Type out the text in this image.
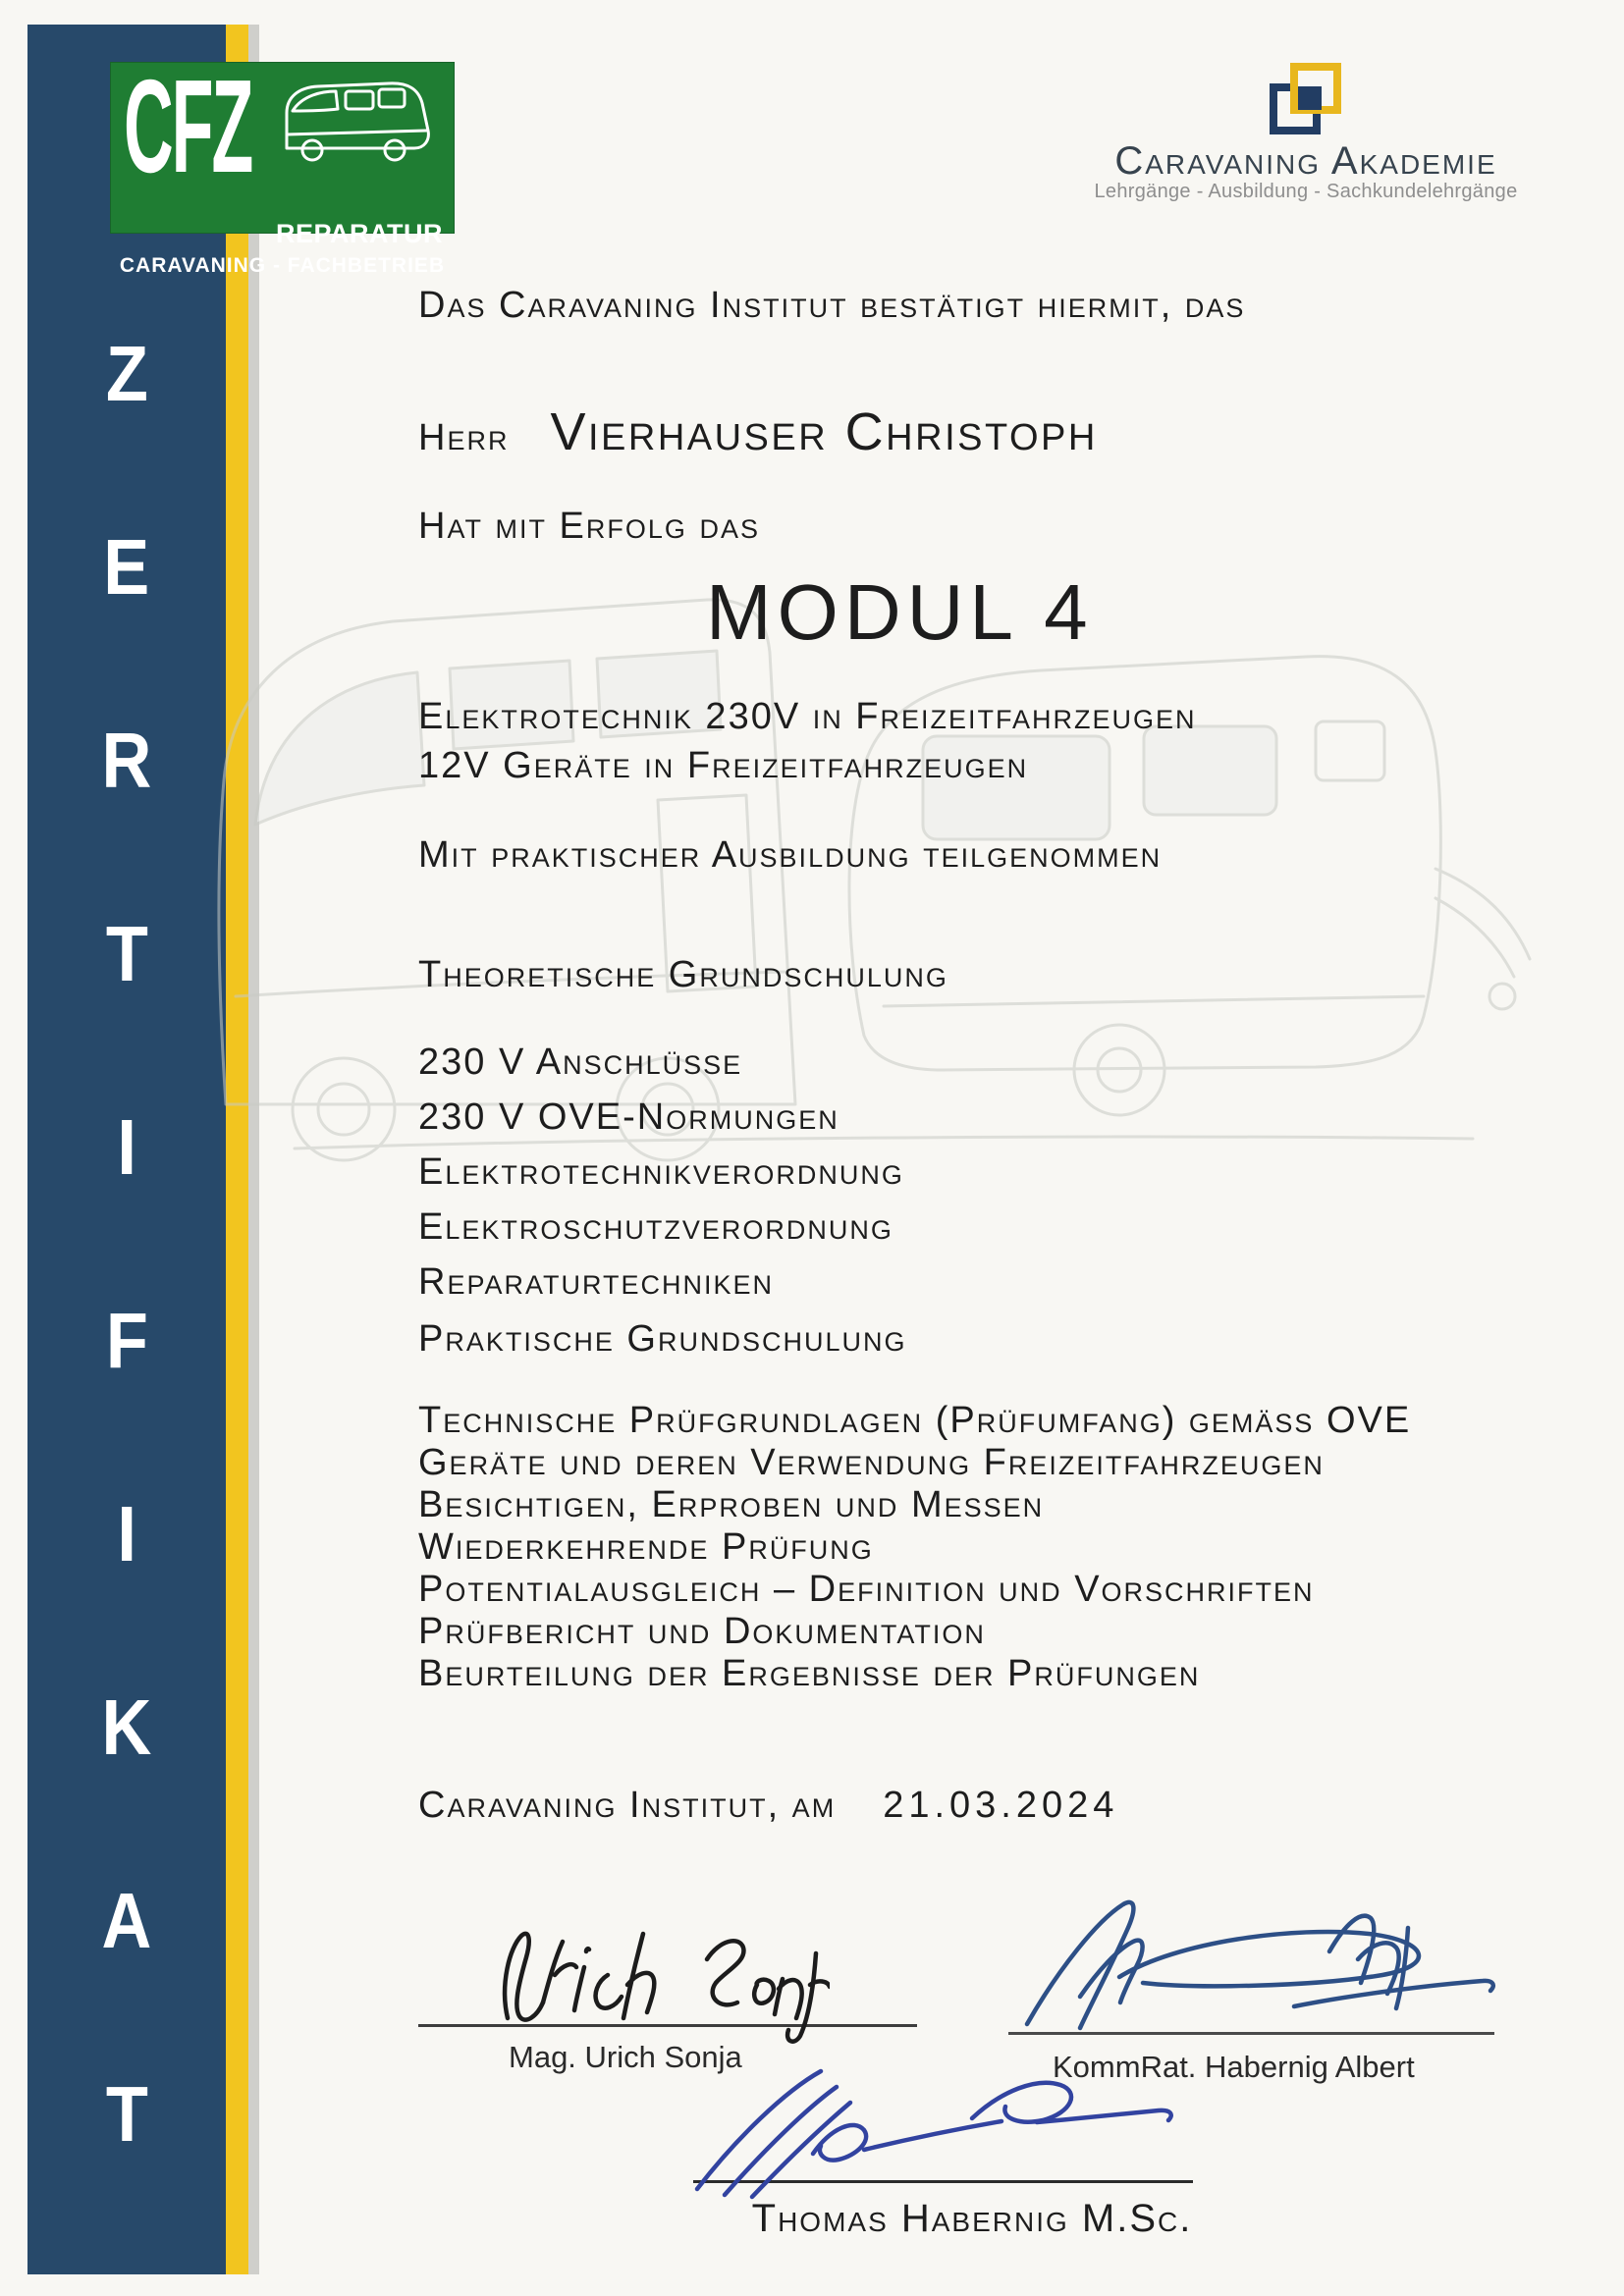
Z
E
R
T
I
F
I
K
A
T
CFZ
REPARATUR
CARAVANING - FACHBETRIEB
Caravaning Akademie
Lehrgänge - Ausbildung - Sachkundelehrgänge
Das Caravaning Institut bestätigt hiermit, das
Herr Vierhauser Christoph
Hat mit Erfolg das
MODUL 4
Elektrotechnik 230V in Freizeitfahrzeugen
12V Geräte in Freizeitfahrzeugen
Mit praktischer Ausbildung teilgenommen
Theoretische Grundschulung
230 V Anschlüsse
230 V OVE-Normungen
Elektrotechnikverordnung
Elektroschutzverordnung
Reparaturtechniken
Praktische Grundschulung
Technische Prüfgrundlagen (Prüfumfang) gemäss OVE
Geräte und deren Verwendung Freizeitfahrzeugen
Besichtigen, Erproben und Messen
Wiederkehrende Prüfung
Potentialausgleich – Definition und Vorschriften
Prüfbericht und Dokumentation
Beurteilung der Ergebnisse der Prüfungen
Caravaning Institut, am 21.03.2024
Mag. Urich Sonja	KommRat. Habernig Albert
Thomas Habernig M.Sc.
